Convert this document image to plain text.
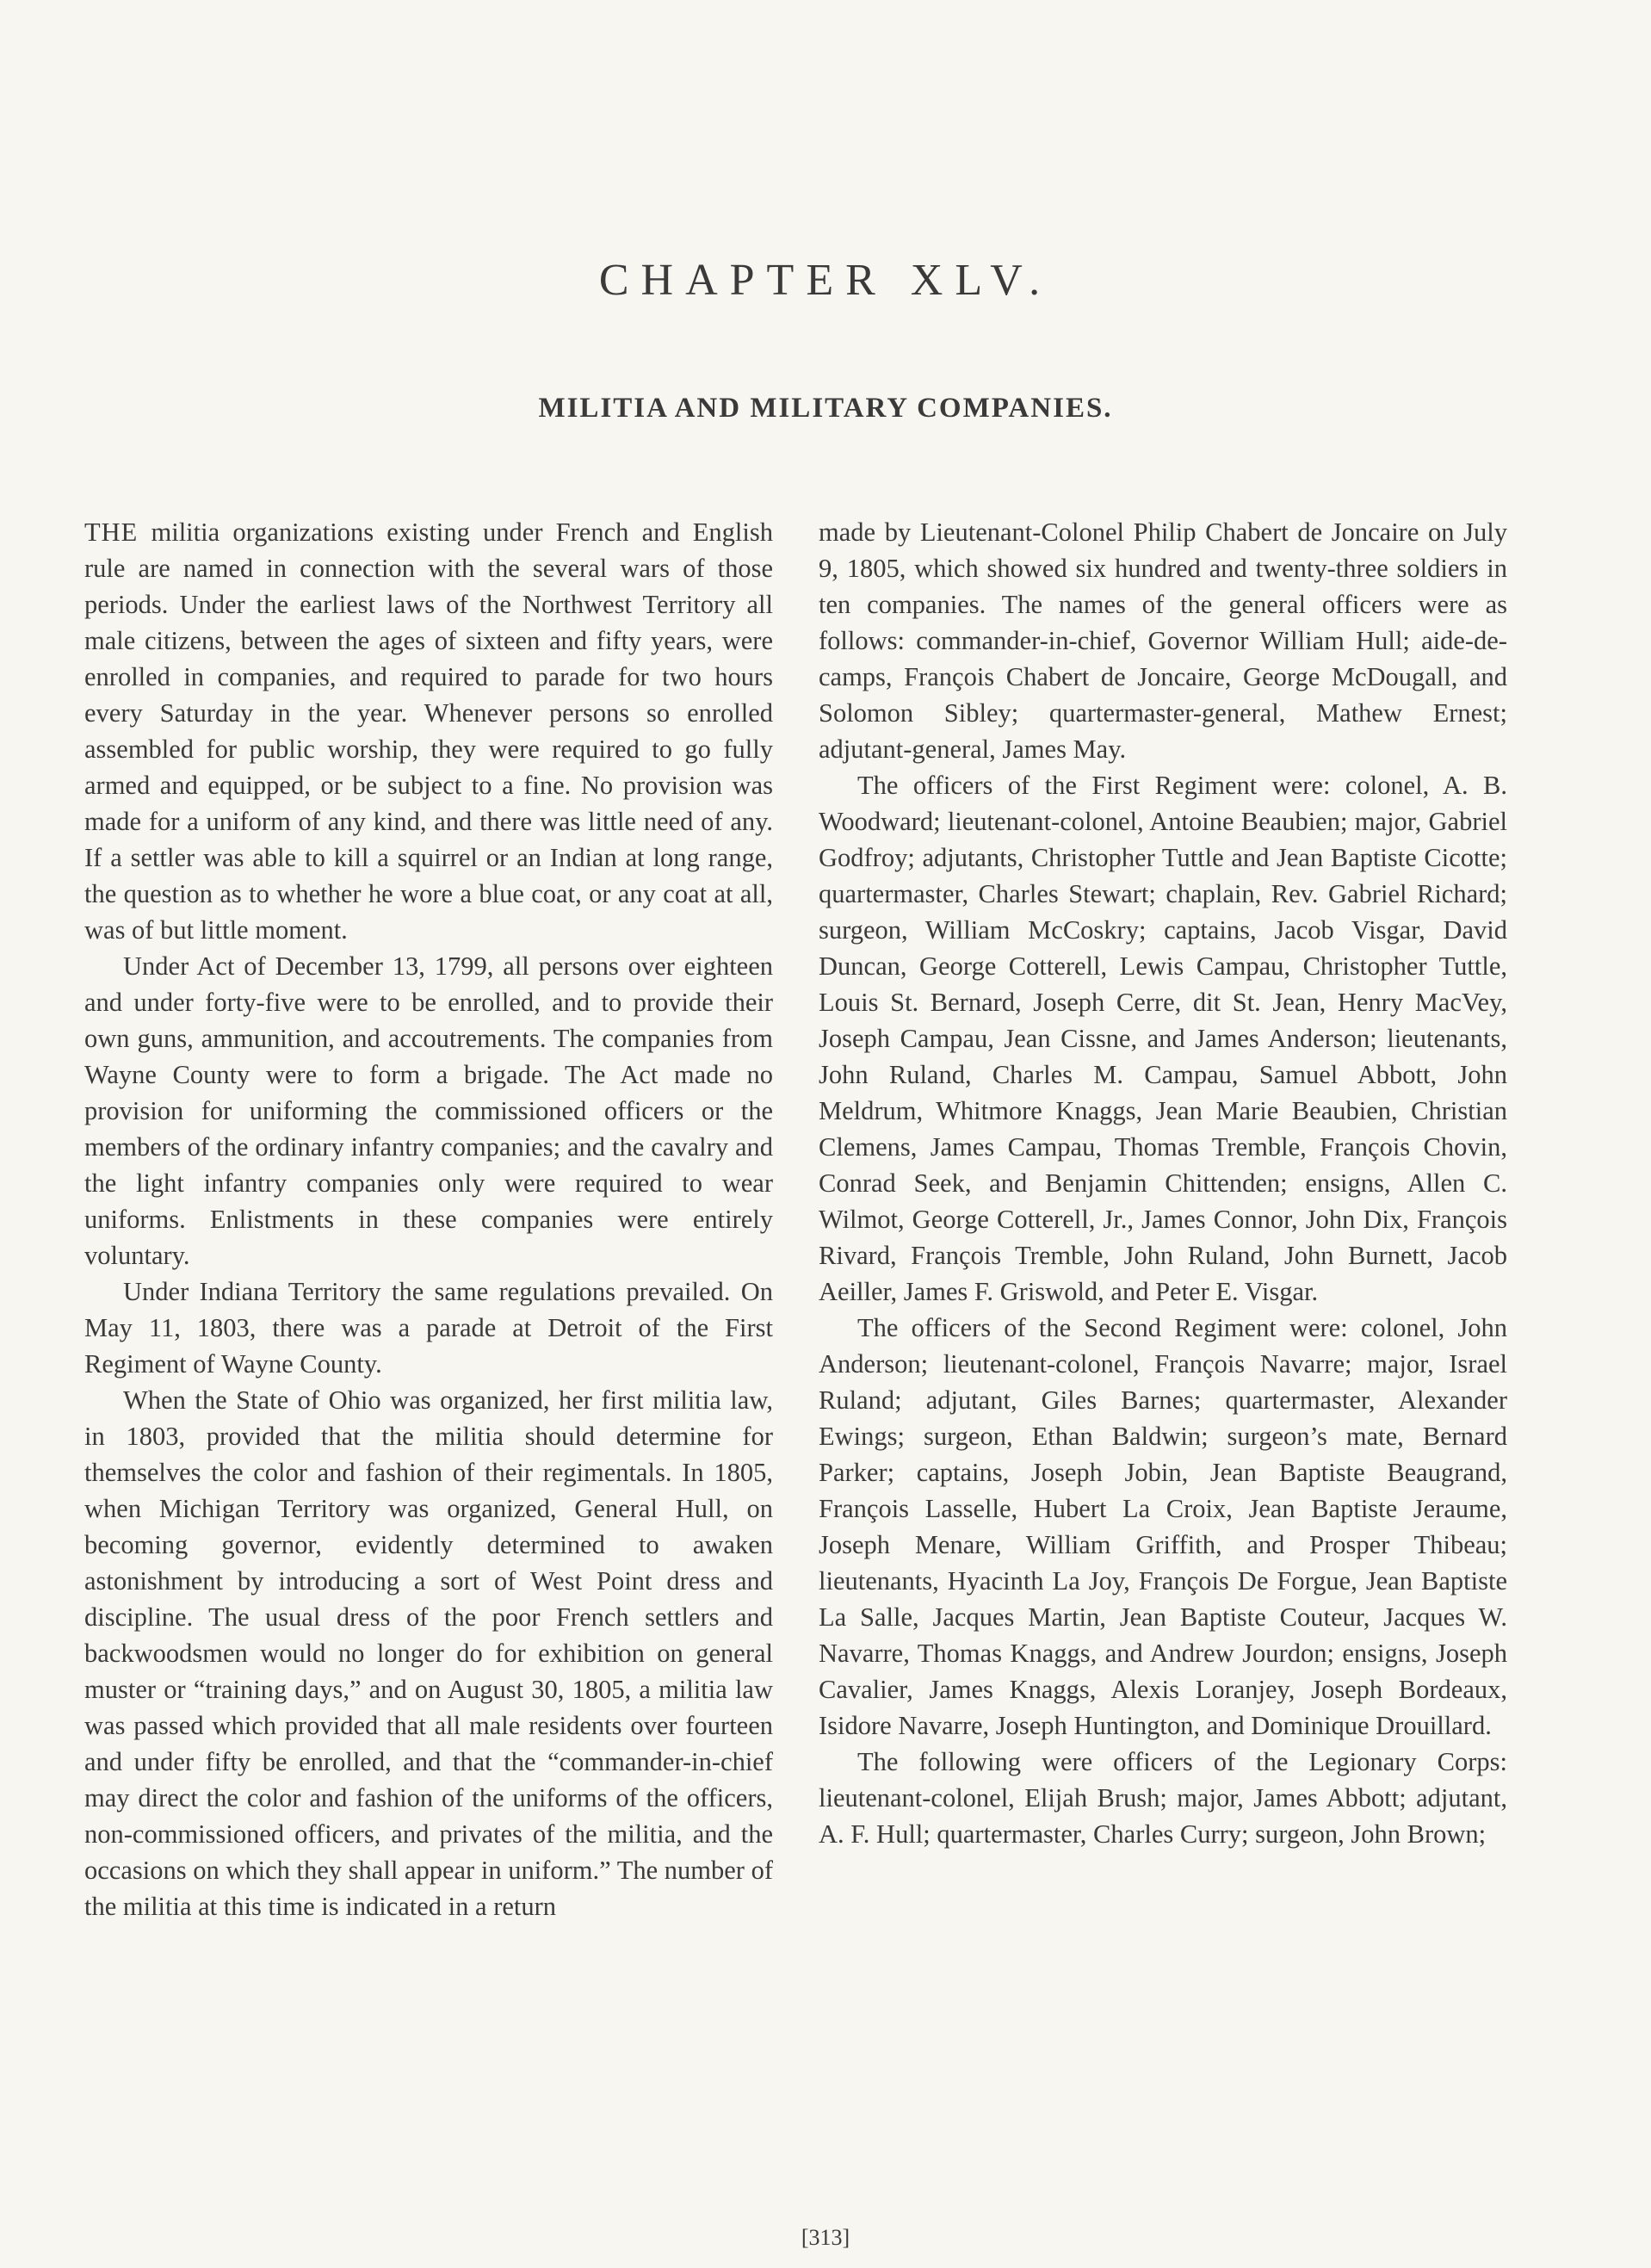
CHAPTER XLV.
MILITIA AND MILITARY COMPANIES.

THE militia organizations existing under French and English rule are named in connection with the several wars of those periods. Under the earliest laws of the Northwest Territory all male citizens, between the ages of sixteen and fifty years, were enrolled in companies, and required to parade for two hours every Saturday in the year. Whenever persons so enrolled assembled for public worship, they were required to go fully armed and equipped, or be subject to a fine. No provision was made for a uniform of any kind, and there was little need of any. If a settler was able to kill a squirrel or an Indian at long range, the question as to whether he wore a blue coat, or any coat at all, was of but little moment.

Under Act of December 13, 1799, all persons over eighteen and under forty-five were to be enrolled, and to provide their own guns, ammunition, and accoutrements. The companies from Wayne County were to form a brigade. The Act made no provision for uniforming the commissioned officers or the members of the ordinary infantry companies; and the cavalry and the light infantry companies only were required to wear uniforms. Enlistments in these companies were entirely voluntary.

Under Indiana Territory the same regulations prevailed. On May 11, 1803, there was a parade at Detroit of the First Regiment of Wayne County.

When the State of Ohio was organized, her first militia law, in 1803, provided that the militia should determine for themselves the color and fashion of their regimentals. In 1805, when Michigan Territory was organized, General Hull, on becoming governor, evidently determined to awaken astonishment by introducing a sort of West Point dress and discipline. The usual dress of the poor French settlers and backwoodsmen would no longer do for exhibition on general muster or “training days,” and on August 30, 1805, a militia law was passed which provided that all male residents over fourteen and under fifty be enrolled, and that the “commander-in-chief may direct the color and fashion of the uniforms of the officers, non-commissioned officers, and privates of the militia, and the occasions on which they shall appear in uniform.” The number of the militia at this time is indicated in a return

made by Lieutenant-Colonel Philip Chabert de Joncaire on July 9, 1805, which showed six hundred and twenty-three soldiers in ten companies. The names of the general officers were as follows: commander-in-chief, Governor William Hull; aide-de-camps, François Chabert de Joncaire, George McDougall, and Solomon Sibley; quartermaster-general, Mathew Ernest; adjutant-general, James May.

The officers of the First Regiment were: colonel, A. B. Woodward; lieutenant-colonel, Antoine Beaubien; major, Gabriel Godfroy; adjutants, Christopher Tuttle and Jean Baptiste Cicotte; quartermaster, Charles Stewart; chaplain, Rev. Gabriel Richard; surgeon, William McCoskry; captains, Jacob Visgar, David Duncan, George Cotterell, Lewis Campau, Christopher Tuttle, Louis St. Bernard, Joseph Cerre, dit St. Jean, Henry MacVey, Joseph Campau, Jean Cissne, and James Anderson; lieutenants, John Ruland, Charles M. Campau, Samuel Abbott, John Meldrum, Whitmore Knaggs, Jean Marie Beaubien, Christian Clemens, James Campau, Thomas Tremble, François Chovin, Conrad Seek, and Benjamin Chittenden; ensigns, Allen C. Wilmot, George Cotterell, Jr., James Connor, John Dix, François Rivard, François Tremble, John Ruland, John Burnett, Jacob Aeiller, James F. Griswold, and Peter E. Visgar.

The officers of the Second Regiment were: colonel, John Anderson; lieutenant-colonel, François Navarre; major, Israel Ruland; adjutant, Giles Barnes; quartermaster, Alexander Ewings; surgeon, Ethan Baldwin; surgeon’s mate, Bernard Parker; captains, Joseph Jobin, Jean Baptiste Beaugrand, François Lasselle, Hubert La Croix, Jean Baptiste Jeraume, Joseph Menare, William Griffith, and Prosper Thibeau; lieutenants, Hyacinth La Joy, François De Forgue, Jean Baptiste La Salle, Jacques Martin, Jean Baptiste Couteur, Jacques W. Navarre, Thomas Knaggs, and Andrew Jourdon; ensigns, Joseph Cavalier, James Knaggs, Alexis Loranjey, Joseph Bordeaux, Isidore Navarre, Joseph Huntington, and Dominique Drouillard.

The following were officers of the Legionary Corps: lieutenant-colonel, Elijah Brush; major, James Abbott; adjutant, A. F. Hull; quartermaster, Charles Curry; surgeon, John Brown;

[313]
